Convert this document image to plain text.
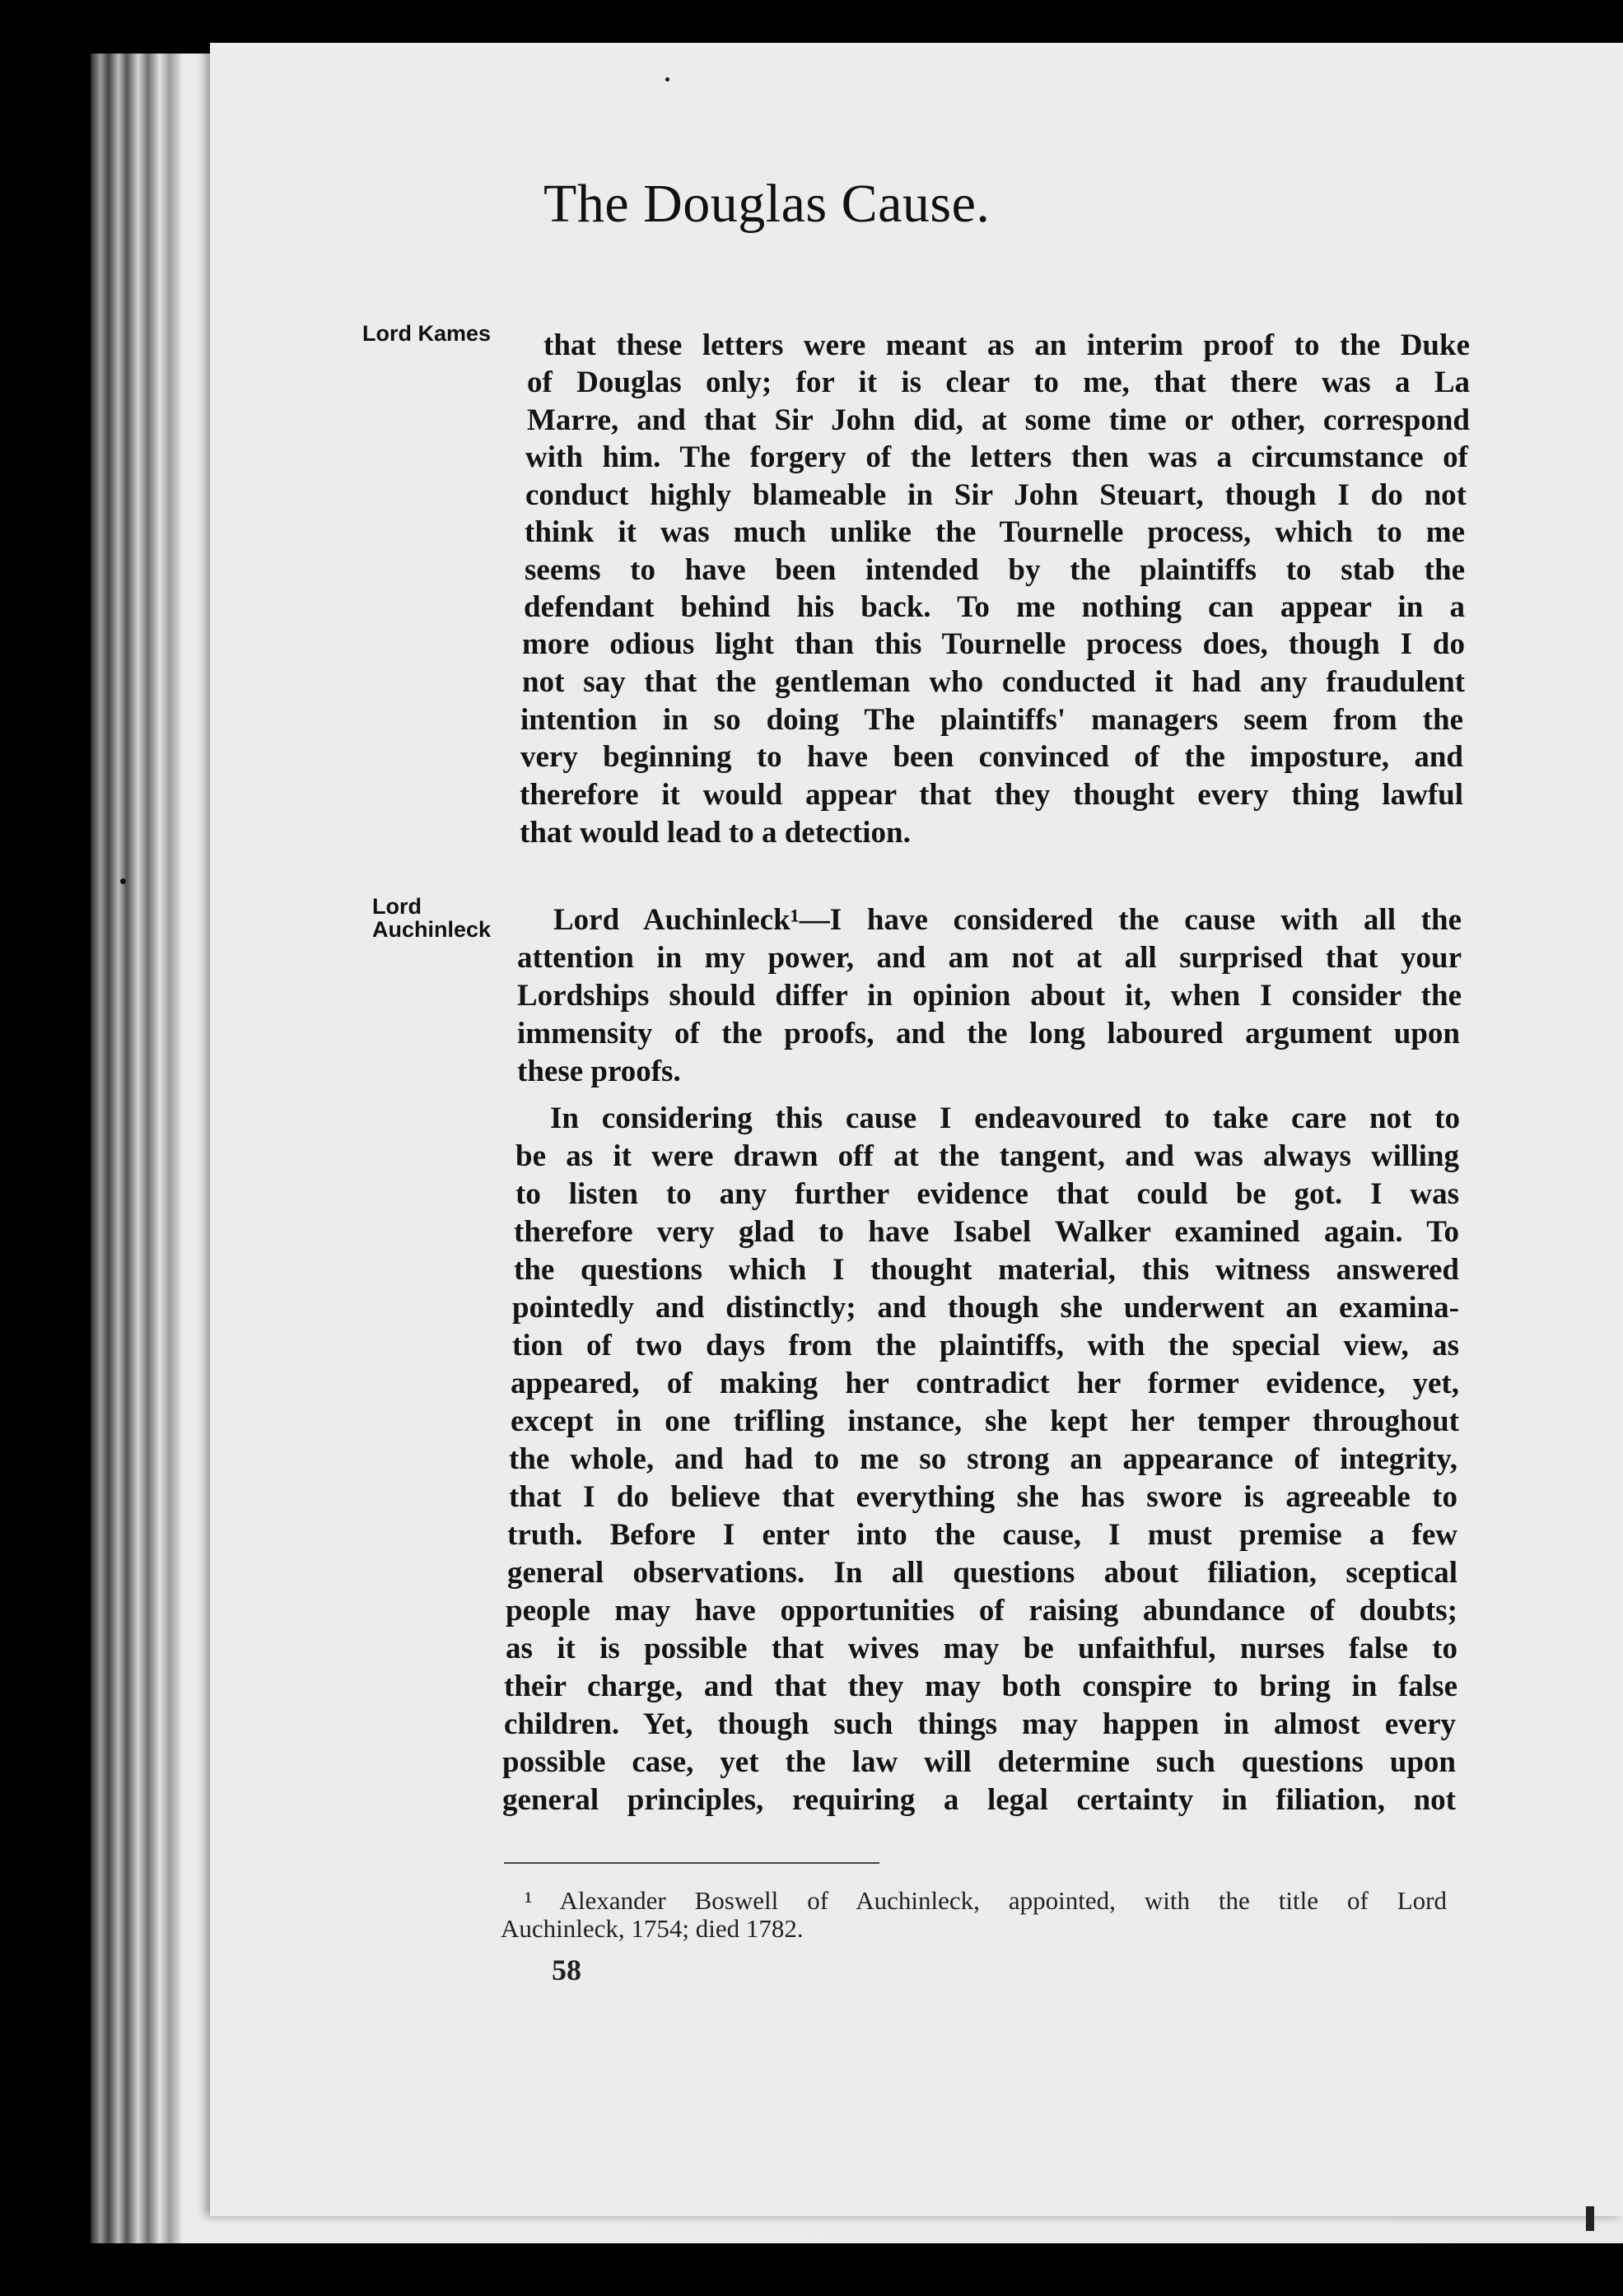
The Douglas Cause.
Lord Kames
Lord
Auchinleck
that these letters were meant as an interim proof to the Duke
of Douglas only; for it is clear to me, that there was a La
Marre, and that Sir John did, at some time or other, correspond
with him. The forgery of the letters then was a circumstance of
conduct highly blameable in Sir John Steuart, though I do not
think it was much unlike the Tournelle process, which to me
seems to have been intended by the plaintiffs to stab the
defendant behind his back. To me nothing can appear in a
more odious light than this Tournelle process does, though I do
not say that the gentleman who conducted it had any fraudulent
intention in so doing The plaintiffs' managers seem from the
very beginning to have been convinced of the imposture, and
therefore it would appear that they thought every thing lawful
that would lead to a detection.
Lord Auchinleck¹—I have considered the cause with all the
attention in my power, and am not at all surprised that your
Lordships should differ in opinion about it, when I consider the
immensity of the proofs, and the long laboured argument upon
these proofs.
In considering this cause I endeavoured to take care not to
be as it were drawn off at the tangent, and was always willing
to listen to any further evidence that could be got. I was
therefore very glad to have Isabel Walker examined again. To
the questions which I thought material, this witness answered
pointedly and distinctly; and though she underwent an examina-
tion of two days from the plaintiffs, with the special view, as
appeared, of making her contradict her former evidence, yet,
except in one trifling instance, she kept her temper throughout
the whole, and had to me so strong an appearance of integrity,
that I do believe that everything she has swore is agreeable to
truth. Before I enter into the cause, I must premise a few
general observations. In all questions about filiation, sceptical
people may have opportunities of raising abundance of doubts;
as it is possible that wives may be unfaithful, nurses false to
their charge, and that they may both conspire to bring in false
children. Yet, though such things may happen in almost every
possible case, yet the law will determine such questions upon
general principles, requiring a legal certainty in filiation, not
¹ Alexander Boswell of Auchinleck, appointed, with the title of Lord
Auchinleck, 1754; died 1782.
58
